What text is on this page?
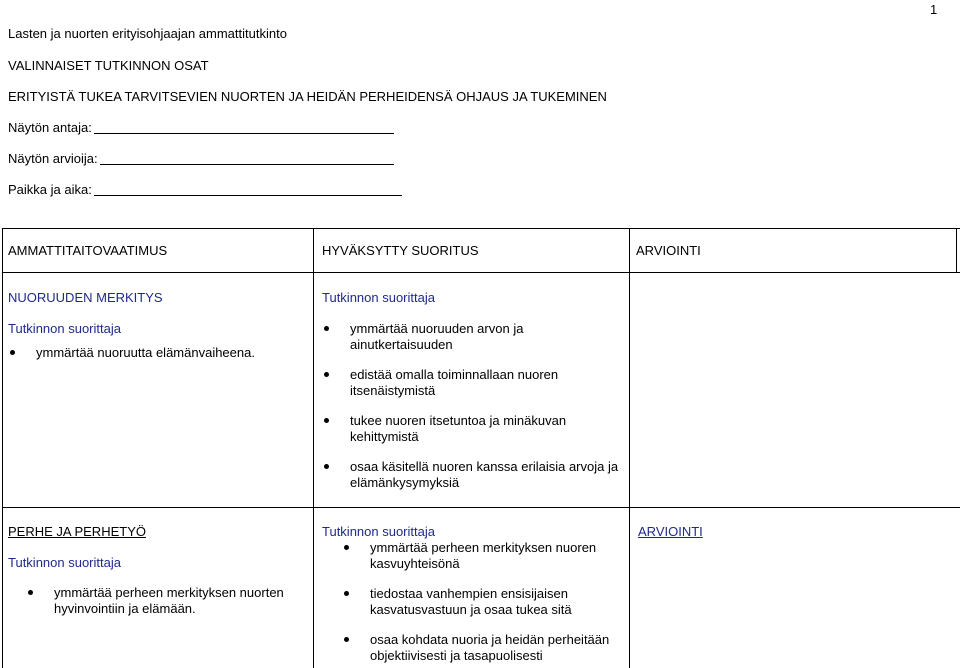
1
Lasten ja nuorten erityisohjaajan ammattitutkinto
VALINNAISET TUTKINNON OSAT
ERITYISTÄ TUKEA TARVITSEVIEN NUORTEN JA HEIDÄN PERHEIDENSÄ OHJAUS JA TUKEMINEN
Näytön antaja:
Näytön arvioija:
Paikka ja aika:
AMMATTITAITOVAATIMUS	HYVÄKSYTTY SUORITUS	ARVIOINTI
NUORUUDEN MERKITYS
Tutkinnon suorittaja
ymmärtää nuoruutta elämänvaiheena.
Tutkinnon suorittaja
ymmärtää nuoruuden arvon ja ainutkertaisuuden
edistää omalla toiminnallaan nuoren itsenäistymistä
tukee nuoren itsetuntoa ja minäkuvan kehittymistä
osaa käsitellä nuoren kanssa erilaisia arvoja ja elämänkysymyksiä
PERHE JA PERHETYÖ
Tutkinnon suorittaja
ymmärtää perheen merkityksen nuorten hyvinvointiin ja elämään.
Tutkinnon suorittaja
ymmärtää perheen merkityksen nuoren kasvuyhteisönä
tiedostaa vanhempien ensisijaisen kasvatusvastuun ja osaa tukea sitä
osaa kohdata nuoria ja heidän perheitään objektiivisesti ja tasapuolisesti
ARVIOINTI
